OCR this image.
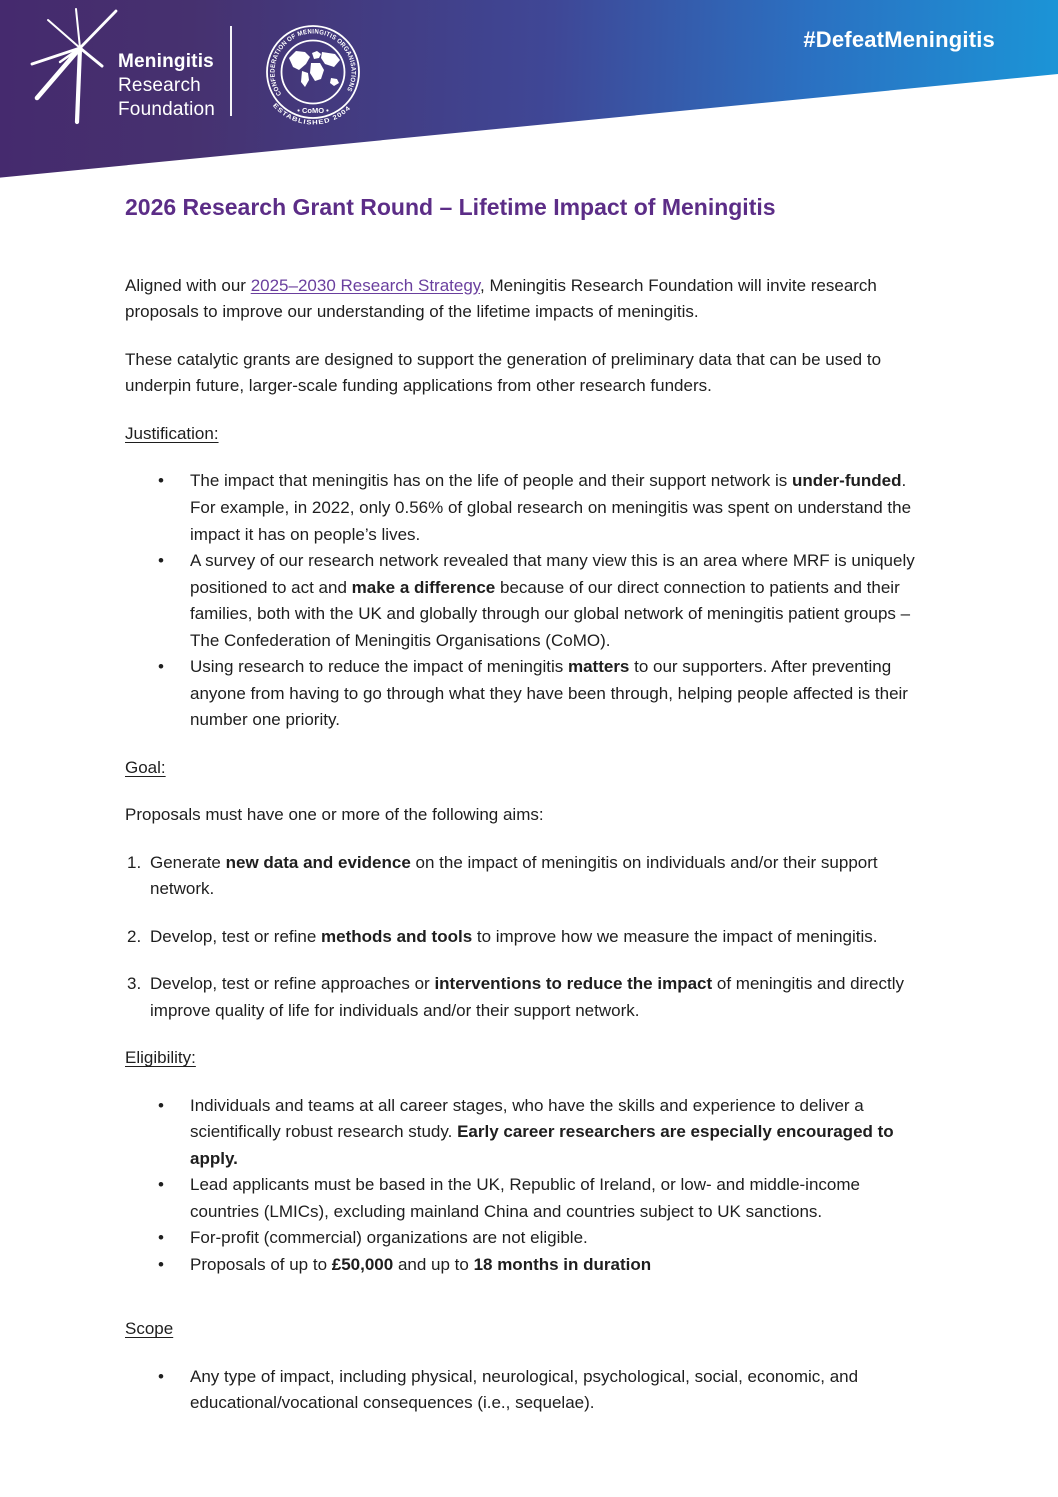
Meningitis
Research
Foundation
CONFEDERATION OF MENINGITIS ORGANISATIONS
• CoMO •
ESTABLISHED 2004
#DefeatMeningitis
2026 Research Grant Round – Lifetime Impact of Meningitis

Aligned with our 2025–2030 Research Strategy, Meningitis Research Foundation will invite research proposals to improve our understanding of the lifetime impacts of meningitis.

These catalytic grants are designed to support the generation of preliminary data that can be used to underpin future, larger-scale funding applications from other research funders.

Justification:

•	The impact that meningitis has on the life of people and their support network is under-funded. For example, in 2022, only 0.56% of global research on meningitis was spent on understand the impact it has on people’s lives.
•	A survey of our research network revealed that many view this is an area where MRF is uniquely positioned to act and make a difference because of our direct connection to patients and their families, both with the UK and globally through our global network of meningitis patient groups – The Confederation of Meningitis Organisations (CoMO).
•	Using research to reduce the impact of meningitis matters to our supporters. After preventing anyone from having to go through what they have been through, helping people affected is their number one priority.

Goal:

Proposals must have one or more of the following aims:

1. Generate new data and evidence on the impact of meningitis on individuals and/or their support network.
2. Develop, test or refine methods and tools to improve how we measure the impact of meningitis.
3. Develop, test or refine approaches or interventions to reduce the impact of meningitis and directly improve quality of life for individuals and/or their support network.

Eligibility:

•	Individuals and teams at all career stages, who have the skills and experience to deliver a scientifically robust research study. Early career researchers are especially encouraged to apply.
•	Lead applicants must be based in the UK, Republic of Ireland, or low- and middle-income countries (LMICs), excluding mainland China and countries subject to UK sanctions.
•	For-profit (commercial) organizations are not eligible.
•	Proposals of up to £50,000 and up to 18 months in duration

Scope

•	Any type of impact, including physical, neurological, psychological, social, economic, and educational/vocational consequences (i.e., sequelae).
